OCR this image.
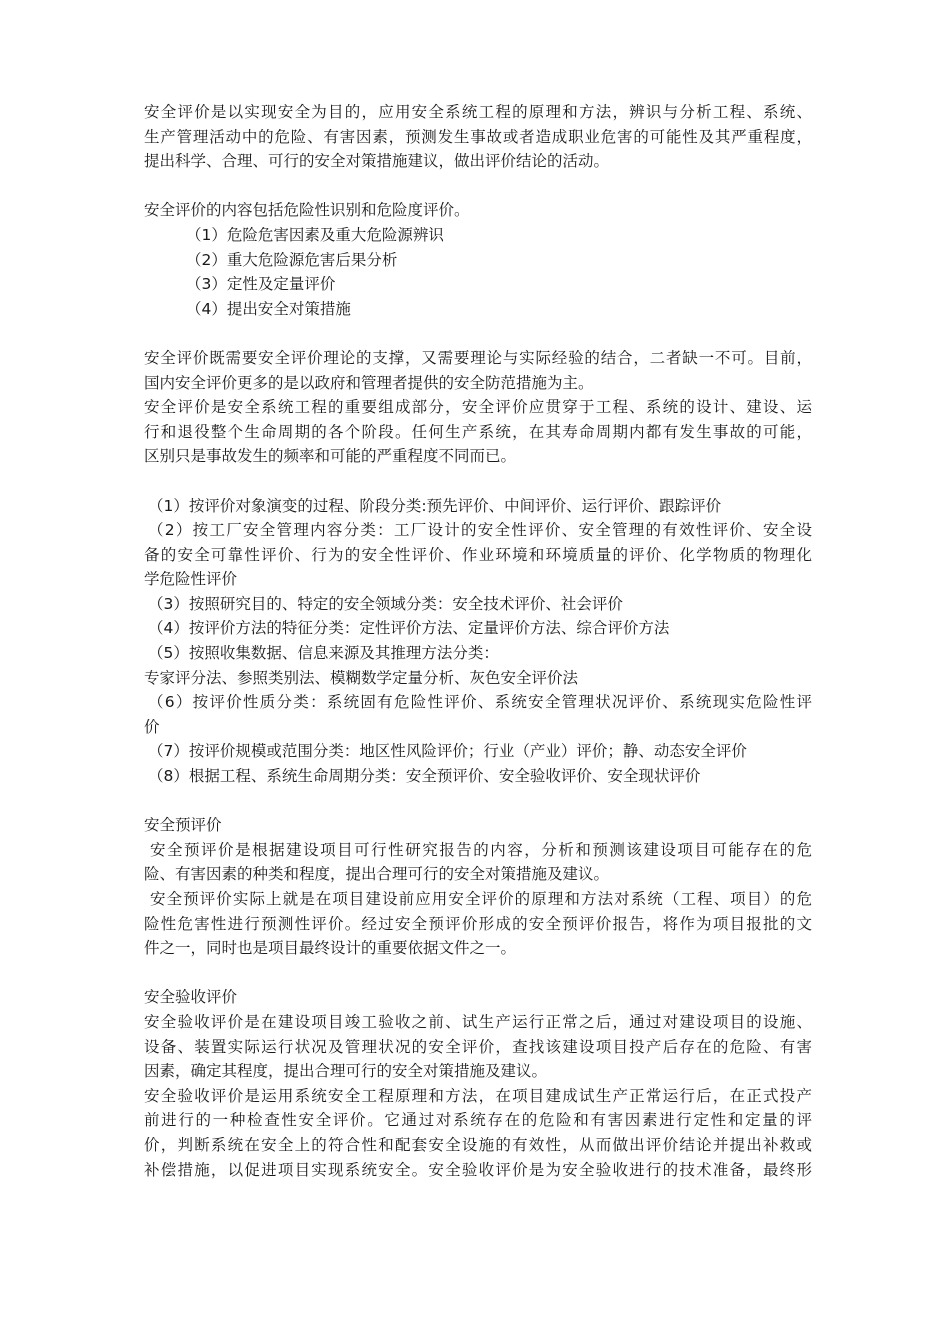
安全评价是以实现安全为目的，应用安全系统工程的原理和方法，辨识与分析工程、系统、
生产管理活动中的危险、有害因素，预测发生事故或者造成职业危害的可能性及其严重程度，
提出科学、合理、可行的安全对策措施建议，做出评价结论的活动。
安全评价的内容包括危险性识别和危险度评价。
（1）危险危害因素及重大危险源辨识
（2）重大危险源危害后果分析
（3）定性及定量评价
（4）提出安全对策措施
安全评价既需要安全评价理论的支撑，又需要理论与实际经验的结合，二者缺一不可。目前，
国内安全评价更多的是以政府和管理者提供的安全防范措施为主。
安全评价是安全系统工程的重要组成部分，安全评价应贯穿于工程、系统的设计、建设、运
行和退役整个生命周期的各个阶段。任何生产系统，在其寿命周期内都有发生事故的可能，
区别只是事故发生的频率和可能的严重程度不同而已。
（1）按评价对象演变的过程、阶段分类:预先评价、中间评价、运行评价、跟踪评价
（2）按工厂安全管理内容分类：工厂设计的安全性评价、安全管理的有效性评价、安全设
备的安全可靠性评价、行为的安全性评价、作业环境和环境质量的评价、化学物质的物理化
学危险性评价
（3）按照研究目的、特定的安全领域分类：安全技术评价、社会评价
（4）按评价方法的特征分类：定性评价方法、定量评价方法、综合评价方法
（5）按照收集数据、信息来源及其推理方法分类：
专家评分法、参照类别法、模糊数学定量分析、灰色安全评价法
（6）按评价性质分类：系统固有危险性评价、系统安全管理状况评价、系统现实危险性评
价
（7）按评价规模或范围分类：地区性风险评价；行业（产业）评价；静、动态安全评价
（8）根据工程、系统生命周期分类：安全预评价、安全验收评价、安全现状评价
安全预评价
安全预评价是根据建设项目可行性研究报告的内容，分析和预测该建设项目可能存在的危
险、有害因素的种类和程度，提出合理可行的安全对策措施及建议。
安全预评价实际上就是在项目建设前应用安全评价的原理和方法对系统（工程、项目）的危
险性危害性进行预测性评价。经过安全预评价形成的安全预评价报告，将作为项目报批的文
件之一，同时也是项目最终设计的重要依据文件之一。
安全验收评价
安全验收评价是在建设项目竣工验收之前、试生产运行正常之后，通过对建设项目的设施、
设备、装置实际运行状况及管理状况的安全评价，查找该建设项目投产后存在的危险、有害
因素，确定其程度，提出合理可行的安全对策措施及建议。
安全验收评价是运用系统安全工程原理和方法，在项目建成试生产正常运行后，在正式投产
前进行的一种检查性安全评价。它通过对系统存在的危险和有害因素进行定性和定量的评
价，判断系统在安全上的符合性和配套安全设施的有效性，从而做出评价结论并提出补救或
补偿措施，以促进项目实现系统安全。安全验收评价是为安全验收进行的技术准备，最终形
